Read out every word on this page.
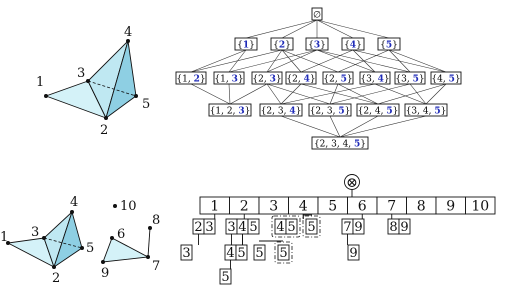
1
2
3
4
5
1
2
3
4
5
6
7
8
9
10
∅
{1} {2} {3} {4} {5}
{1, 2} {1, 3} {2, 3} {2, 4} {2, 5} {3, 4} {3, 5} {4, 5}
{1, 2, 3} {2, 3, 4} {2, 3, 5} {2, 4, 5} {3, 4, 5}
{2, 3, 4, 5}
⊗
1 2 3 4 5 6 7 8 9 10
2 3 3 4 5 4 5 5 7 9 8 9
3	4 5 5 5	9
5
